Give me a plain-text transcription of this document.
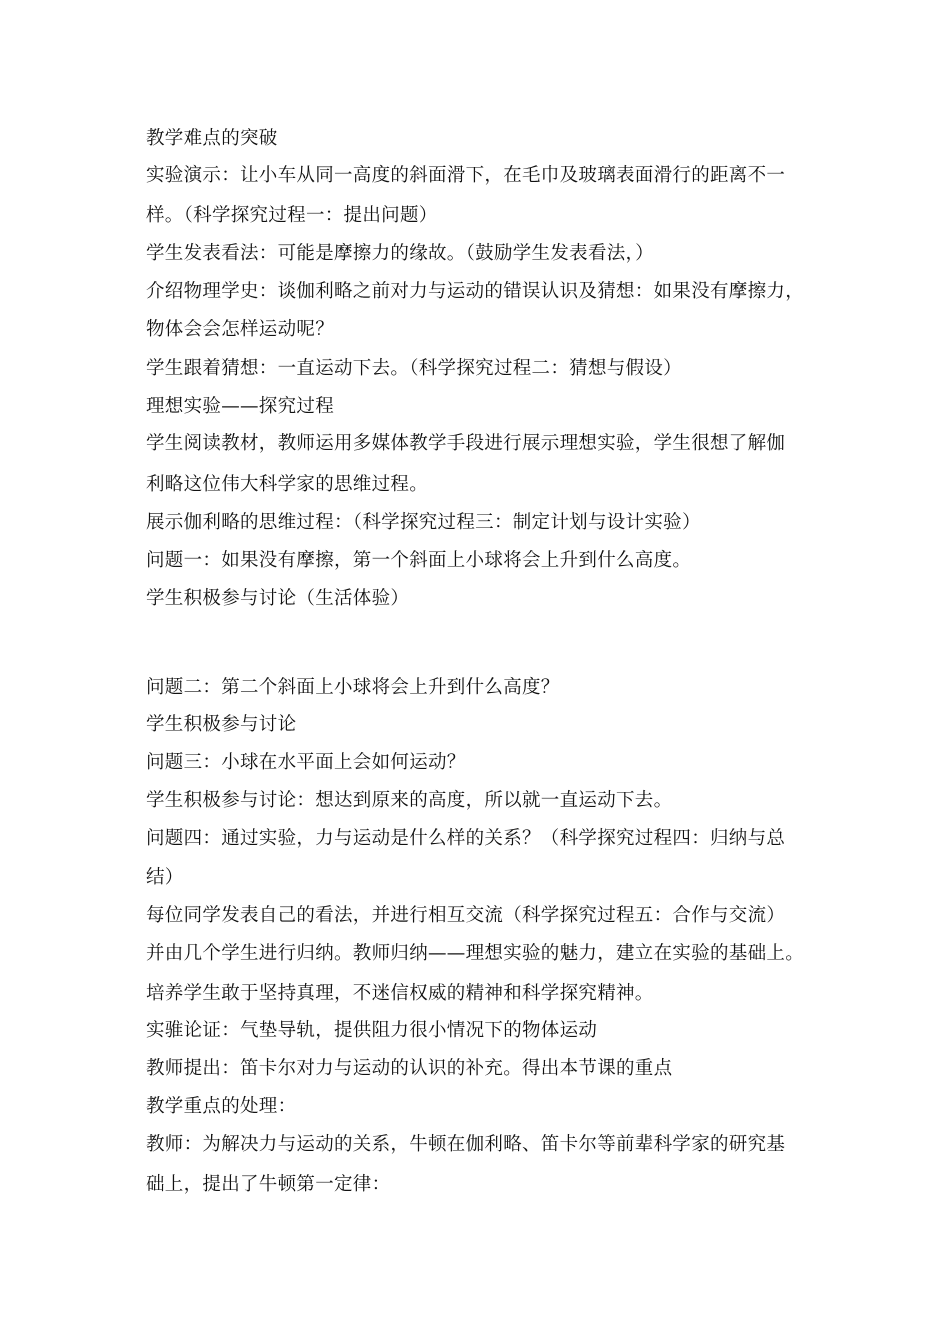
教学难点的突破
实验演示：让小车从同一高度的斜面滑下，在毛巾及玻璃表面滑行的距离不一
样。（科学探究过程一：提出问题）
学生发表看法：可能是摩擦力的缘故。（鼓励学生发表看法，）
介绍物理学史：谈伽利略之前对力与运动的错误认识及猜想：如果没有摩擦力，
物体会会怎样运动呢？
学生跟着猜想：一直运动下去。（科学探究过程二：猜想与假设）
理想实验——探究过程
学生阅读教材，教师运用多媒体教学手段进行展示理想实验，学生很想了解伽
利略这位伟大科学家的思维过程。
展示伽利略的思维过程：（科学探究过程三：制定计划与设计实验）
问题一：如果没有摩擦，第一个斜面上小球将会上升到什么高度。
学生积极参与讨论（生活体验）
问题二：第二个斜面上小球将会上升到什么高度？
学生积极参与讨论
问题三：小球在水平面上会如何运动？
学生积极参与讨论：想达到原来的高度，所以就一直运动下去。
问题四：通过实验，力与运动是什么样的关系？（科学探究过程四：归纳与总
结）
每位同学发表自己的看法，并进行相互交流（科学探究过程五：合作与交流）
并由几个学生进行归纳。教师归纳——理想实验的魅力，建立在实验的基础上。
培养学生敢于坚持真理，不迷信权威的精神和科学探究精神。
实骓论证：气垫导轨，提供阻力很小情况下的物体运动
教师提出：笛卡尔对力与运动的认识的补充。得出本节课的重点
教学重点的处理：
教师：为解决力与运动的关系，牛顿在伽利略、笛卡尔等前辈科学家的研究基
础上，提出了牛顿第一定律：
